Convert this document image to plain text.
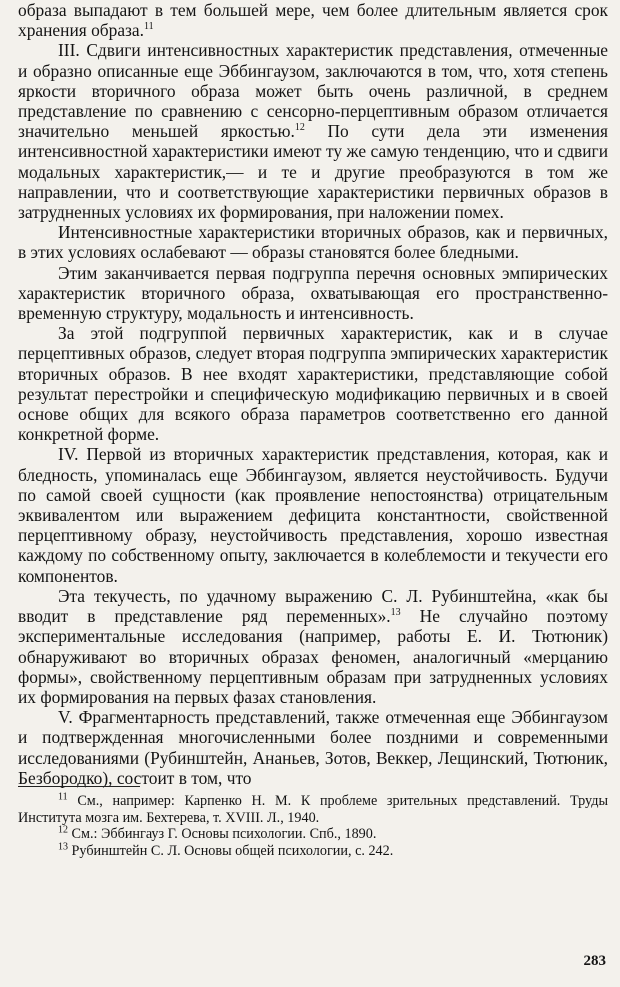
образа выпадают в тем большей мере, чем более длительным является срок хранения образа.$^{11}$

III. Сдвиги интенсивностных характеристик представления, отмеченные и образно описанные еще Эббингаузом, заключаются в том, что, хотя степень яркости вторичного образа может быть очень различной, в среднем представление по сравнению с сенсорно-перцептивным образом отличается значительно меньшей яркостью.$^{12}$ По сути дела эти изменения интенсивностной характеристики имеют ту же самую тенденцию, что и сдвиги модальных характеристик,— и те и другие преобразуются в том же направлении, что и соответствующие характеристики первичных образов в затрудненных условиях их формирования, при наложении помех.

Интенсивностные характеристики вторичных образов, как и первичных, в этих условиях ослабевают — образы становятся более бледными.

Этим заканчивается первая подгруппа перечня основных эмпирических характеристик вторичного образа, охватывающая его пространственно-временную структуру, модальность и интенсивность.

За этой подгруппой первичных характеристик, как и в случае перцептивных образов, следует вторая подгруппа эмпирических характеристик вторичных образов. В нее входят характеристики, представляющие собой результат перестройки и специфическую модификацию первичных и в своей основе общих для всякого образа параметров соответственно его данной конкретной форме.

IV. Первой из вторичных характеристик представления, которая, как и бледность, упоминалась еще Эббингаузом, является неустойчивость. Будучи по самой своей сущности (как проявление непостоянства) отрицательным эквивалентом или выражением дефицита константности, свойственной перцептивному образу, неустойчивость представления, хорошо известная каждому по собственному опыту, заключается в колеблемости и текучести его компонентов.

Эта текучесть, по удачному выражению С. Л. Рубинштейна, «как бы вводит в представление ряд переменных».$^{13}$ Не случайно поэтому экспериментальные исследования (например, работы Е. И. Тютюник) обнаруживают во вторичных образах феномен, аналогичный «мерцанию формы», свойственному перцептивным образам при затрудненных условиях их формирования на первых фазах становления.

V. Фрагментарность представлений, также отмеченная еще Эббингаузом и подтвержденная многочисленными более поздними и современными исследованиями (Рубинштейн, Ананьев, Зотов, Веккер, Лещинский, Тютюник, Безбородко), состоит в том, что

$^{11}$ См., например: Карпенко Н. М. К проблеме зрительных представлений. Труды Института мозга им. Бехтерева, т. XVIII. Л., 1940.

$^{12}$ См.: Эббингауз Г. Основы психологии. Спб., 1890.

$^{13}$ Рубинштейн С. Л. Основы общей психологии, с. 242.

283
